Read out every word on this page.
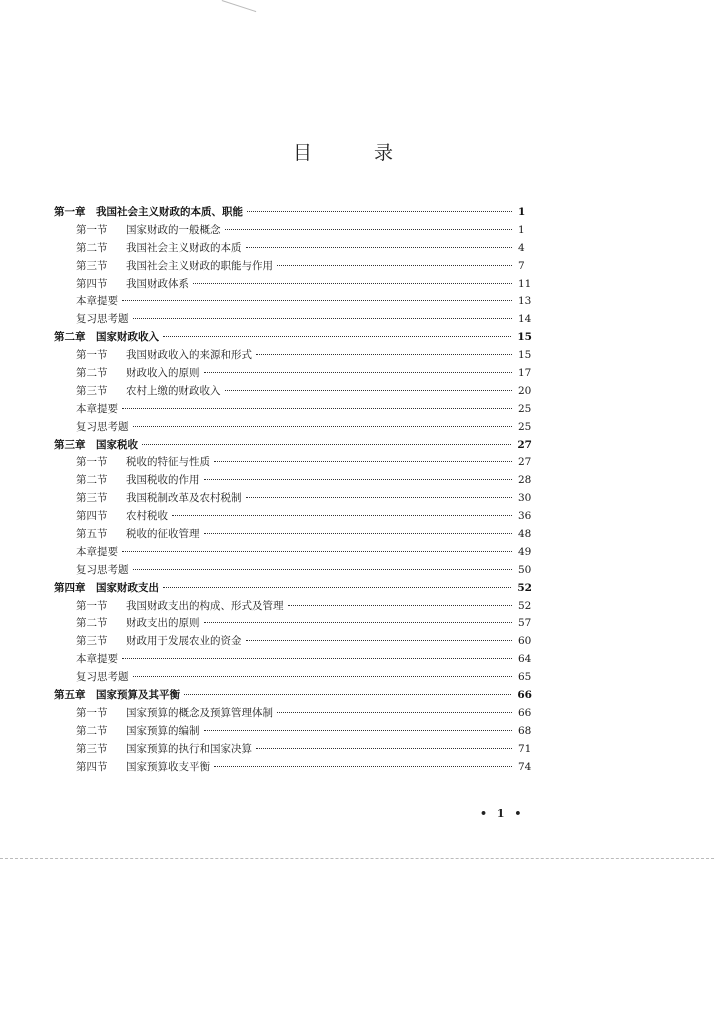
目 录
第一章　我国社会主义财政的本质、职能	1
第一节	国家财政的一般概念	1
第二节	我国社会主义财政的本质	4
第三节	我国社会主义财政的职能与作用	7
第四节	我国财政体系	11
本章提要	13
复习思考题	14
第二章　国家财政收入	15
第一节	我国财政收入的来源和形式	15
第二节	财政收入的原则	17
第三节	农村上缴的财政收入	20
本章提要	25
复习思考题	25
第三章　国家税收	27
第一节	税收的特征与性质	27
第二节	我国税收的作用	28
第三节	我国税制改革及农村税制	30
第四节	农村税收	36
第五节	税收的征收管理	48
本章提要	49
复习思考题	50
第四章　国家财政支出	52
第一节	我国财政支出的构成、形式及管理	52
第二节	财政支出的原则	57
第三节	财政用于发展农业的资金	60
本章提要	64
复习思考题	65
第五章　国家预算及其平衡	66
第一节	国家预算的概念及预算管理体制	66
第二节	国家预算的编制	68
第三节	国家预算的执行和国家决算	71
第四节	国家预算收支平衡	74
• 1 •
